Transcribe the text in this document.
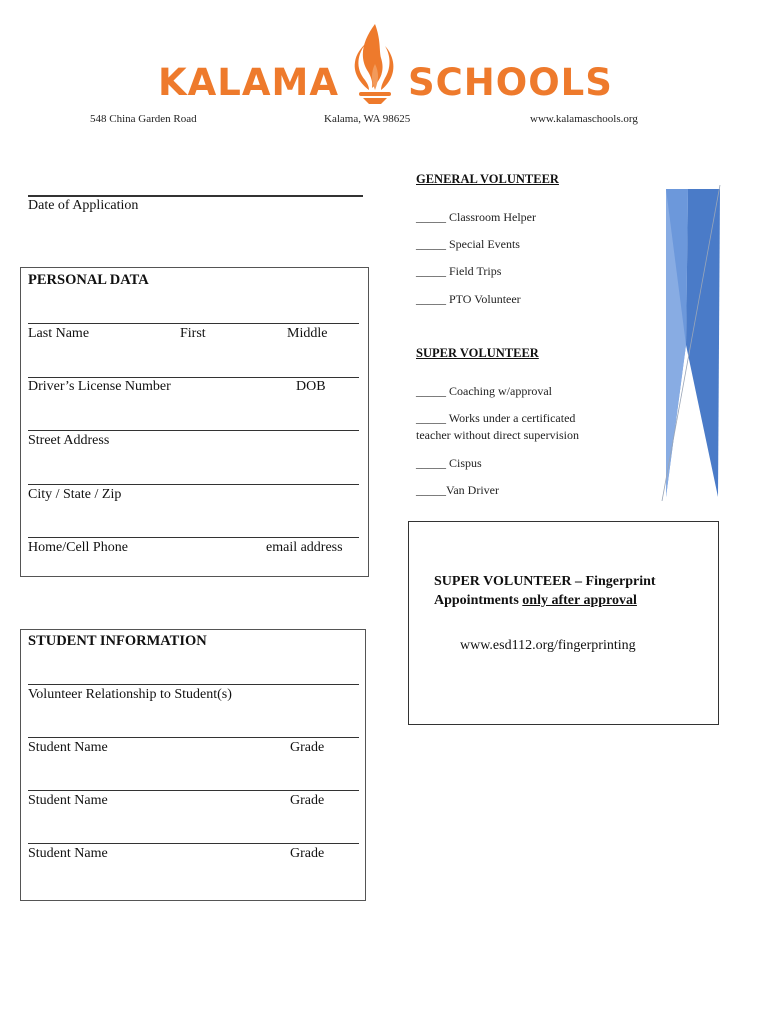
KALAMA SCHOOLS
548 China Garden Road	Kalama, WA 98625	www.kalamaschools.org
Date of Application
PERSONAL DATA
Last Name	First	Middle
Driver’s License Number	DOB
Street Address
City / State / Zip
Home/Cell Phone	email address
GENERAL VOLUNTEER
_____ Classroom Helper
_____ Special Events
_____ Field Trips
_____ PTO Volunteer
SUPER VOLUNTEER
_____ Coaching w/approval
_____ Works under a certificated
teacher without direct supervision
_____ Cispus
_____Van Driver
SUPER VOLUNTEER – Fingerprint
Appointments only after approval
www.esd112.org/fingerprinting
STUDENT INFORMATION
Volunteer Relationship to Student(s)
Student Name	Grade
Student Name	Grade
Student Name	Grade
